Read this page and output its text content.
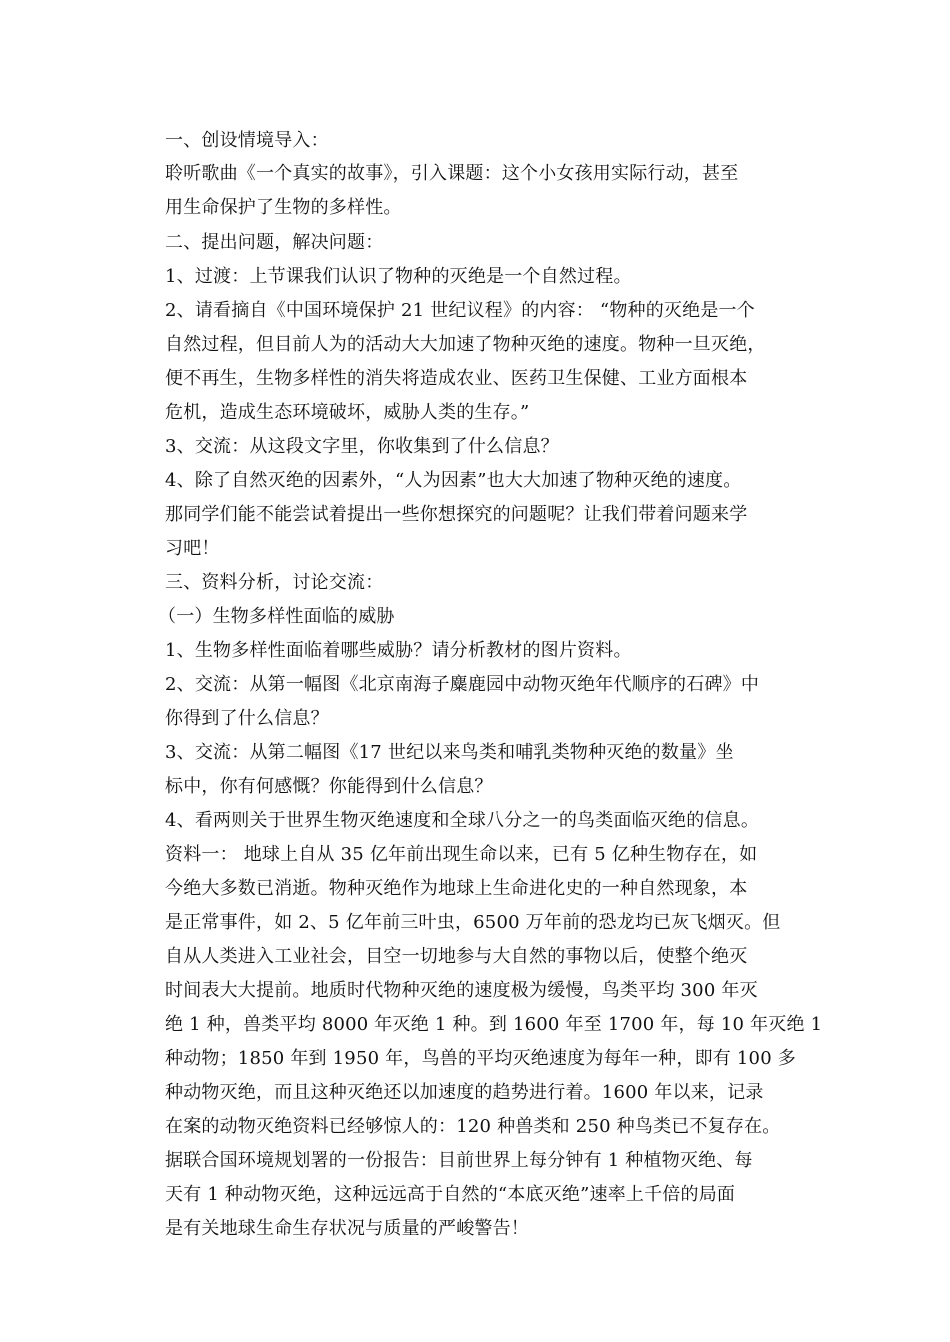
一、创设情境导入：
聆听歌曲《一个真实的故事》，引入课题：这个小女孩用实际行动，甚至
用生命保护了生物的多样性。
二、提出问题，解决问题：
1、过渡：上节课我们认识了物种的灭绝是一个自然过程。
2、请看摘自《中国环境保护 21 世纪议程》的内容： “物种的灭绝是一个
自然过程，但目前人为的活动大大加速了物种灭绝的速度。物种一旦灭绝，
便不再生，生物多样性的消失将造成农业、医药卫生保健、工业方面根本
危机，造成生态环境破坏，威胁人类的生存。”
3、交流：从这段文字里，你收集到了什么信息？
4、除了自然灭绝的因素外，“人为因素”也大大加速了物种灭绝的速度。
那同学们能不能尝试着提出一些你想探究的问题呢？让我们带着问题来学
习吧！
三、资料分析，讨论交流：
（一）生物多样性面临的威胁
1、生物多样性面临着哪些威胁？请分析教材的图片资料。
2、交流：从第一幅图《北京南海子麋鹿园中动物灭绝年代顺序的石碑》中
你得到了什么信息？
3、交流：从第二幅图《17 世纪以来鸟类和哺乳类物种灭绝的数量》坐
标中，你有何感慨？你能得到什么信息？
4、看两则关于世界生物灭绝速度和全球八分之一的鸟类面临灭绝的信息。
资料一： 地球上自从 35 亿年前出现生命以来，已有 5 亿种生物存在，如
今绝大多数已消逝。物种灭绝作为地球上生命进化史的一种自然现象，本
是正常事件，如 2、5 亿年前三叶虫，6500 万年前的恐龙均已灰飞烟灭。但
自从人类进入工业社会，目空一切地参与大自然的事物以后，使整个绝灭
时间表大大提前。地质时代物种灭绝的速度极为缓慢，鸟类平均 300 年灭
绝 1 种，兽类平均 8000 年灭绝 1 种。到 1600 年至 1700 年，每 10 年灭绝 1
种动物；1850 年到 1950 年，鸟兽的平均灭绝速度为每年一种，即有 100 多
种动物灭绝，而且这种灭绝还以加速度的趋势进行着。1600 年以来，记录
在案的动物灭绝资料已经够惊人的：120 种兽类和 250 种鸟类已不复存在。
据联合国环境规划署的一份报告：目前世界上每分钟有 1 种植物灭绝、每
天有 1 种动物灭绝，这种远远高于自然的“本底灭绝”速率上千倍的局面
是有关地球生命生存状况与质量的严峻警告！
